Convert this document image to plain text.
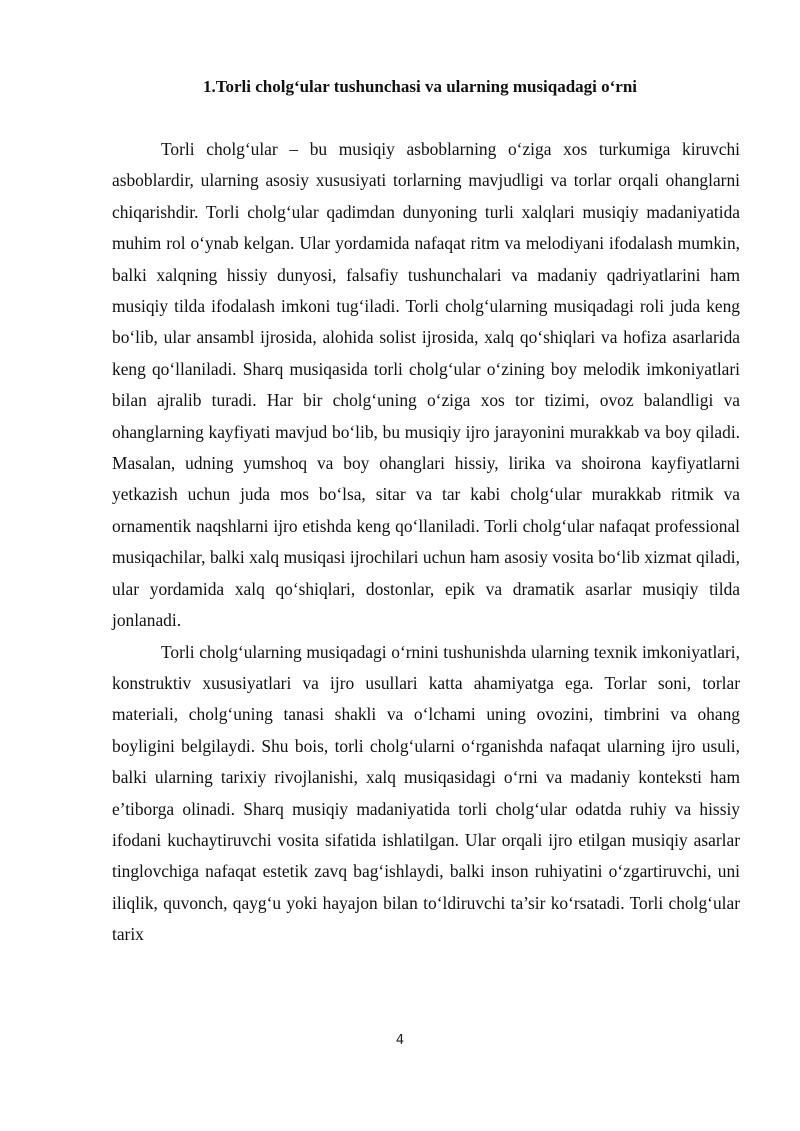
1.Torli cholg‘ular tushunchasi va ularning musiqadagi o‘rni

Torli cholg‘ular – bu musiqiy asboblarning o‘ziga xos turkumiga kiruvchi asboblardir, ularning asosiy xususiyati torlarning mavjudligi va torlar orqali ohanglarni chiqarishdir. Torli cholg‘ular qadimdan dunyoning turli xalqlari musiqiy madaniyatida muhim rol o‘ynab kelgan. Ular yordamida nafaqat ritm va melodiyani ifodalash mumkin, balki xalqning hissiy dunyosi, falsafiy tushunchalari va madaniy qadriyatlarini ham musiqiy tilda ifodalash imkoni tug‘iladi. Torli cholg‘ularning musiqadagi roli juda keng bo‘lib, ular ansambl ijrosida, alohida solist ijrosida, xalq qo‘shiqlari va hofiza asarlarida keng qo‘llaniladi. Sharq musiqasida torli cholg‘ular o‘zining boy melodik imkoniyatlari bilan ajralib turadi. Har bir cholg‘uning o‘ziga xos tor tizimi, ovoz balandligi va ohanglarning kayfiyati mavjud bo‘lib, bu musiqiy ijro jarayonini murakkab va boy qiladi. Masalan, udning yumshoq va boy ohanglari hissiy, lirika va shoirona kayfiyatlarni yetkazish uchun juda mos bo‘lsa, sitar va tar kabi cholg‘ular murakkab ritmik va ornamentik naqshlarni ijro etishda keng qo‘llaniladi. Torli cholg‘ular nafaqat professional musiqachilar, balki xalq musiqasi ijrochilari uchun ham asosiy vosita bo‘lib xizmat qiladi, ular yordamida xalq qo‘shiqlari, dostonlar, epik va dramatik asarlar musiqiy tilda jonlanadi.

Torli cholg‘ularning musiqadagi o‘rnini tushunishda ularning texnik imkoniyatlari, konstruktiv xususiyatlari va ijro usullari katta ahamiyatga ega. Torlar soni, torlar materiali, cholg‘uning tanasi shakli va o‘lchami uning ovozini, timbrini va ohang boyligini belgilaydi. Shu bois, torli cholg‘ularni o‘rganishda nafaqat ularning ijro usuli, balki ularning tarixiy rivojlanishi, xalq musiqasidagi o‘rni va madaniy konteksti ham e’tiborga olinadi. Sharq musiqiy madaniyatida torli cholg‘ular odatda ruhiy va hissiy ifodani kuchaytiruvchi vosita sifatida ishlatilgan. Ular orqali ijro etilgan musiqiy asarlar tinglovchiga nafaqat estetik zavq bag‘ishlaydi, balki inson ruhiyatini o‘zgartiruvchi, uni iliqlik, quvonch, qayg‘u yoki hayajon bilan to‘ldiruvchi ta’sir ko‘rsatadi. Torli cholg‘ular tarix

4
